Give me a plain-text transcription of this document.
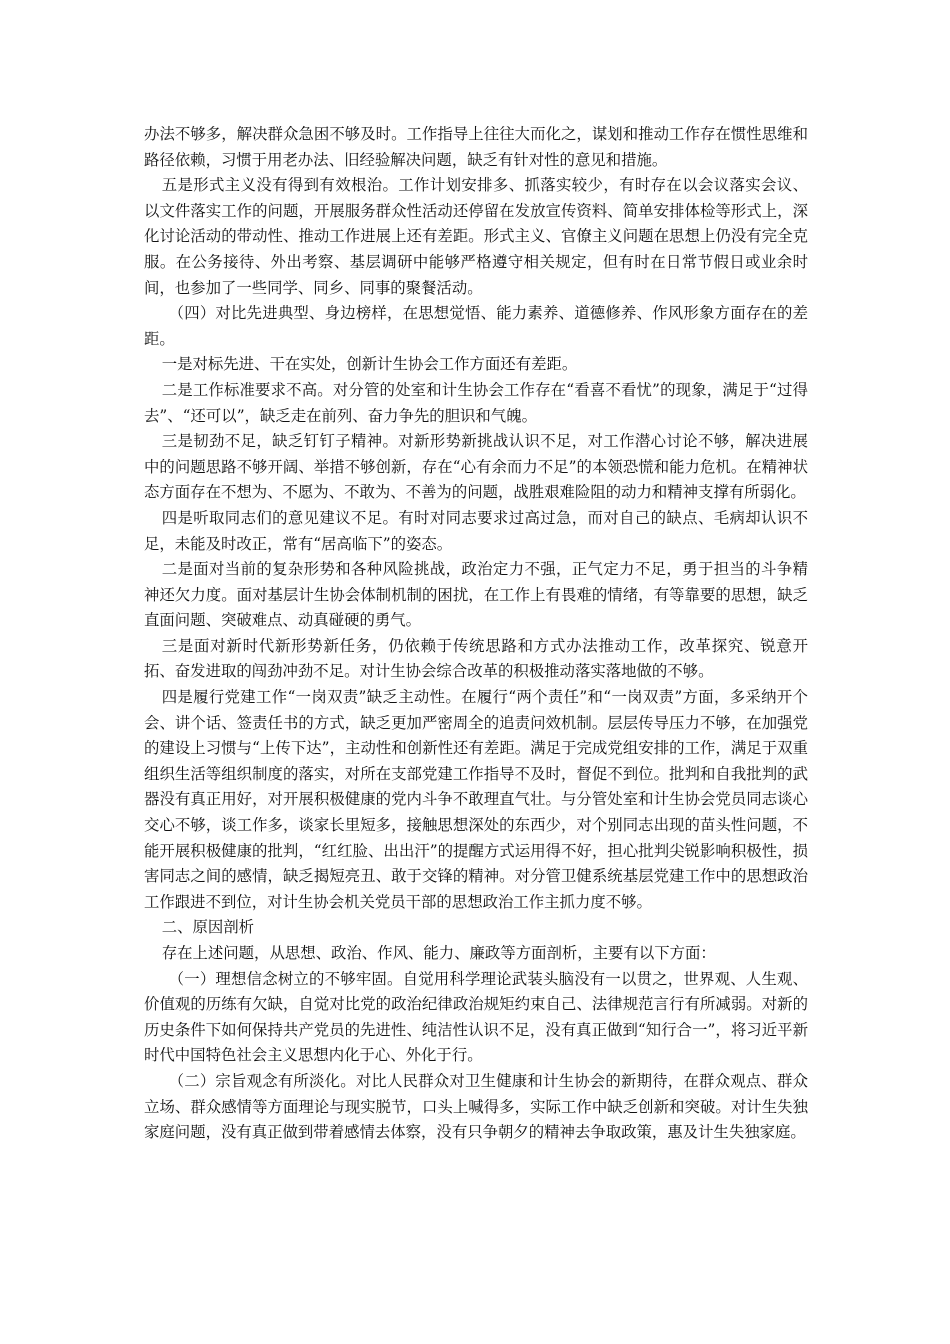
办法不够多，解决群众急困不够及时。工作指导上往往大而化之，谋划和推动工作存在惯性思维和路径依赖，习惯于用老办法、旧经验解决问题，缺乏有针对性的意见和措施。

五是形式主义没有得到有效根治。工作计划安排多、抓落实较少，有时存在以会议落实会议、以文件落实工作的问题，开展服务群众性活动还停留在发放宣传资料、简单安排体检等形式上，深化讨论活动的带动性、推动工作进展上还有差距。形式主义、官僚主义问题在思想上仍没有完全克服。在公务接待、外出考察、基层调研中能够严格遵守相关规定，但有时在日常节假日或业余时间，也参加了一些同学、同乡、同事的聚餐活动。

（四）对比先进典型、身边榜样，在思想觉悟、能力素养、道德修养、作风形象方面存在的差距。

一是对标先进、干在实处，创新计生协会工作方面还有差距。

二是工作标准要求不高。对分管的处室和计生协会工作存在“看喜不看忧”的现象，满足于“过得去”、“还可以”，缺乏走在前列、奋力争先的胆识和气魄。

三是韧劲不足，缺乏钉钉子精神。对新形势新挑战认识不足，对工作潜心讨论不够，解决进展中的问题思路不够开阔、举措不够创新，存在“心有余而力不足”的本领恐慌和能力危机。在精神状态方面存在不想为、不愿为、不敢为、不善为的问题，战胜艰难险阻的动力和精神支撑有所弱化。

四是听取同志们的意见建议不足。有时对同志要求过高过急，而对自己的缺点、毛病却认识不足，未能及时改正，常有“居高临下”的姿态。

二是面对当前的复杂形势和各种风险挑战，政治定力不强，正气定力不足，勇于担当的斗争精神还欠力度。面对基层计生协会体制机制的困扰，在工作上有畏难的情绪，有等靠要的思想，缺乏直面问题、突破难点、动真碰硬的勇气。

三是面对新时代新形势新任务，仍依赖于传统思路和方式办法推动工作，改革探究、锐意开拓、奋发进取的闯劲冲劲不足。对计生协会综合改革的积极推动落实落地做的不够。

四是履行党建工作“一岗双责”缺乏主动性。在履行“两个责任”和“一岗双责”方面，多采纳开个会、讲个话、签责任书的方式，缺乏更加严密周全的追责问效机制。层层传导压力不够，在加强党的建设上习惯与“上传下达”，主动性和创新性还有差距。满足于完成党组安排的工作，满足于双重组织生活等组织制度的落实，对所在支部党建工作指导不及时，督促不到位。批判和自我批判的武器没有真正用好，对开展积极健康的党内斗争不敢理直气壮。与分管处室和计生协会党员同志谈心交心不够，谈工作多，谈家长里短多，接触思想深处的东西少，对个别同志出现的苗头性问题，不能开展积极健康的批判，“红红脸、出出汗”的提醒方式运用得不好，担心批判尖锐影响积极性，损害同志之间的感情，缺乏揭短亮丑、敢于交锋的精神。对分管卫健系统基层党建工作中的思想政治工作跟进不到位，对计生协会机关党员干部的思想政治工作主抓力度不够。

二、原因剖析

存在上述问题，从思想、政治、作风、能力、廉政等方面剖析，主要有以下方面：

（一）理想信念树立的不够牢固。自觉用科学理论武装头脑没有一以贯之，世界观、人生观、价值观的历练有欠缺，自觉对比党的政治纪律政治规矩约束自己、法律规范言行有所减弱。对新的历史条件下如何保持共产党员的先进性、纯洁性认识不足，没有真正做到“知行合一”，将习近平新时代中国特色社会主义思想内化于心、外化于行。

（二）宗旨观念有所淡化。对比人民群众对卫生健康和计生协会的新期待，在群众观点、群众立场、群众感情等方面理论与现实脱节，口头上喊得多，实际工作中缺乏创新和突破。对计生失独家庭问题，没有真正做到带着感情去体察，没有只争朝夕的精神去争取政策，惠及计生失独家庭。
